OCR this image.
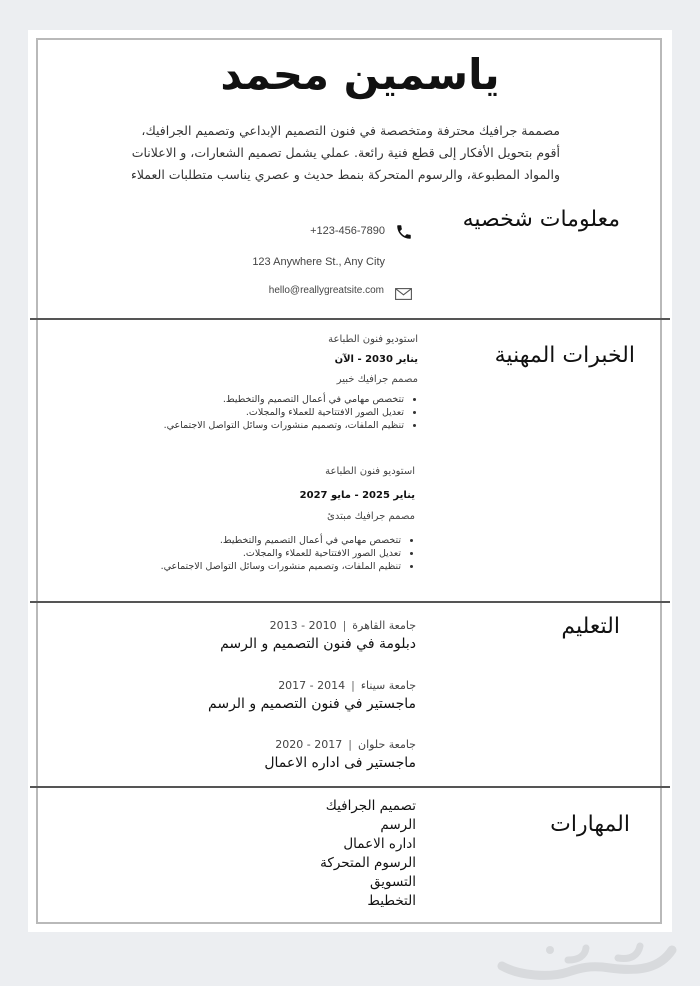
ياسمين محمد
مصممة جرافيك محترفة ومتخصصة في فنون التصميم الإبداعي وتصميم الجرافيك،
أقوم بتحويل الأفكار إلى قطع فنية رائعة. عملي يشمل تصميم الشعارات، و الاعلانات
والمواد المطبوعة، والرسوم المتحركة بنمط حديث و عصري يناسب متطلبات العملاء
معلومات شخصيه
+123-456-7890
123 Anywhere St., Any City
hello@reallygreatsite.com
الخبرات المهنية
استوديو فنون الطباعة
يناير 2030 - الآن
مصمم جرافيك خبير
• تتخصص مهامي في أعمال التصميم والتخطيط.
• تعديل الصور الافتتاحية للعملاء والمجلات.
• تنظيم الملفات، وتصميم منشورات وسائل التواصل الاجتماعي.
استوديو فنون الطباعة
يناير 2025 - مايو 2027
مصمم جرافيك مبتدئ
• تتخصص مهامي في أعمال التصميم والتخطيط.
• تعديل الصور الافتتاحية للعملاء والمجلات.
• تنظيم الملفات، وتصميم منشورات وسائل التواصل الاجتماعي.
التعليم
جامعة القاهرة|2010 - 2013
دبلومة في فنون التصميم و الرسم
جامعة سيناء|2014 - 2017
ماجستير في فنون التصميم و الرسم
جامعة حلوان|2017 - 2020
ماجستير فى اداره الاعمال
المهارات
تصميم الجرافيك
الرسم
اداره الاعمال
الرسوم المتحركة
التسويق
التخطيط
